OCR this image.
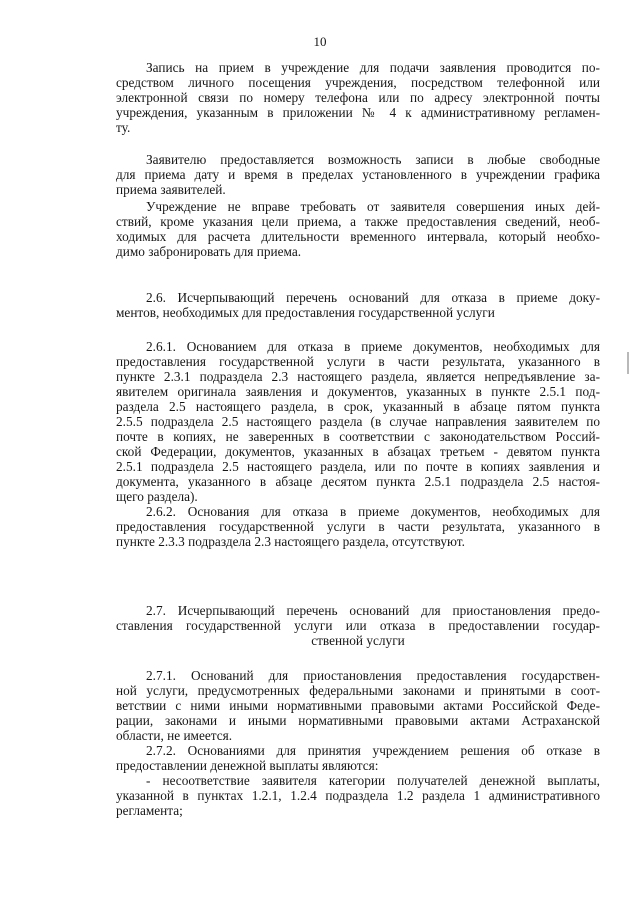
10
Запись на прием в учреждение для подачи заявления проводится по-
средством личного посещения учреждения, посредством телефонной или
электронной связи по номеру телефона или по адресу электронной почты
учреждения, указанным в приложении № 4 к административному регламен-
ту.
Заявителю предоставляется возможность записи в любые свободные
для приема дату и время в пределах установленного в учреждении графика
приема заявителей.
Учреждение не вправе требовать от заявителя совершения иных дей-
ствий, кроме указания цели приема, а также предоставления сведений, необ-
ходимых для расчета длительности временного интервала, который необхо-
димо забронировать для приема.
2.6. Исчерпывающий перечень оснований для отказа в приеме доку-
ментов, необходимых для предоставления государственной услуги
2.6.1. Основанием для отказа в приеме документов, необходимых для
предоставления государственной услуги в части результата, указанного в
пункте 2.3.1 подраздела 2.3 настоящего раздела, является непредъявление за-
явителем оригинала заявления и документов, указанных в пункте 2.5.1 под-
раздела 2.5 настоящего раздела, в срок, указанный в абзаце пятом пункта
2.5.5 подраздела 2.5 настоящего раздела (в случае направления заявителем по
почте в копиях, не заверенных в соответствии с законодательством Россий-
ской Федерации, документов, указанных в абзацах третьем - девятом пункта
2.5.1 подраздела 2.5 настоящего раздела, или по почте в копиях заявления и
документа, указанного в абзаце десятом пункта 2.5.1 подраздела 2.5 настоя-
щего раздела).
2.6.2. Основания для отказа в приеме документов, необходимых для
предоставления государственной услуги в части результата, указанного в
пункте 2.3.3 подраздела 2.3 настоящего раздела, отсутствуют.
2.7. Исчерпывающий перечень оснований для приостановления предо-
ставления государственной услуги или отказа в предоставлении государ-
ственной услуги
2.7.1. Оснований для приостановления предоставления государствен-
ной услуги, предусмотренных федеральными законами и принятыми в соот-
ветствии с ними иными нормативными правовыми актами Российской Феде-
рации, законами и иными нормативными правовыми актами Астраханской
области, не имеется.
2.7.2. Основаниями для принятия учреждением решения об отказе в
предоставлении денежной выплаты являются:
- несоответствие заявителя категории получателей денежной выплаты,
указанной в пунктах 1.2.1, 1.2.4 подраздела 1.2 раздела 1 административного
регламента;
